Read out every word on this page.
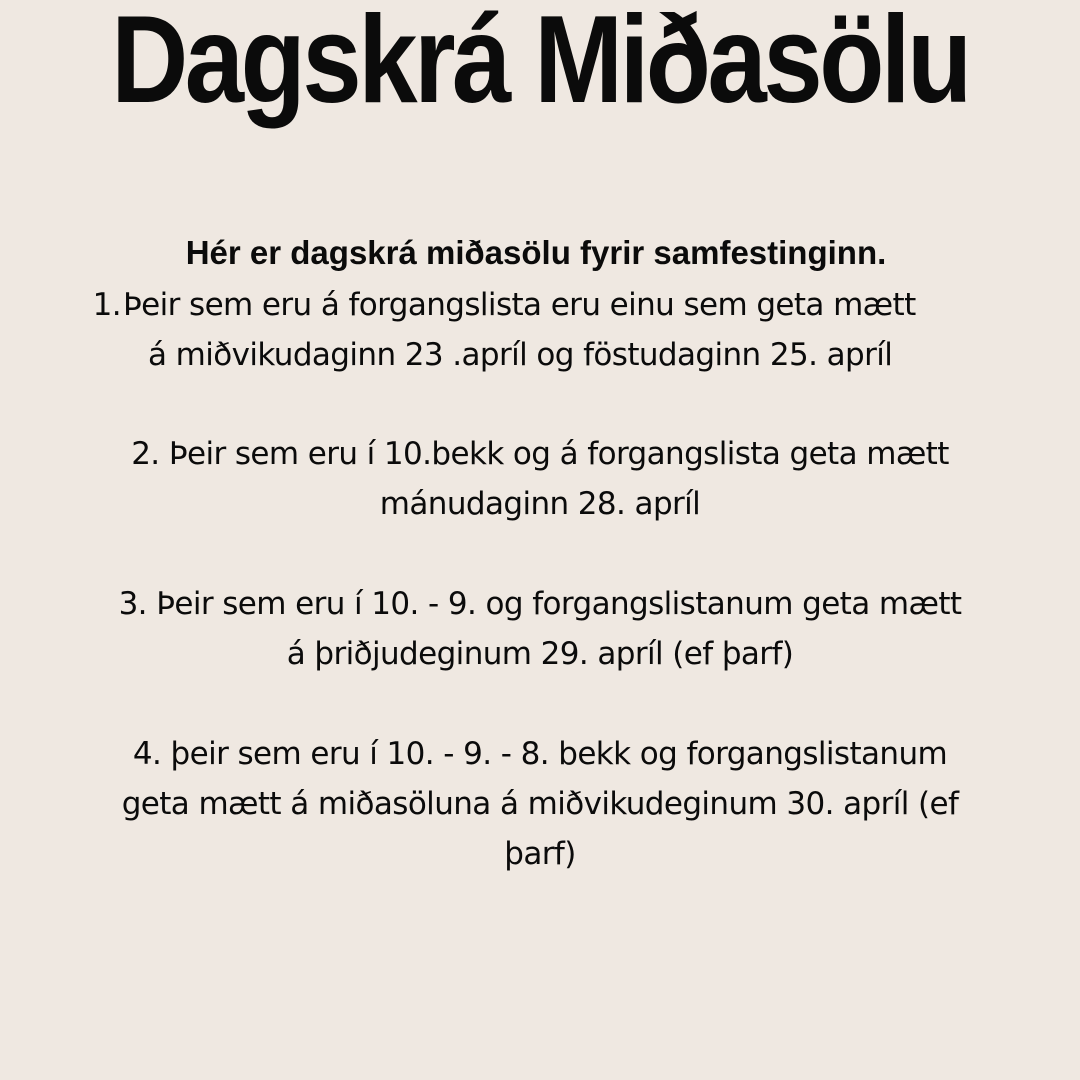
Dagskrá Miðasölu
Hér er dagskrá miðasölu fyrir samfestinginn.
1. Þeir sem eru á forgangslista eru einu sem geta mætt
á miðvikudaginn 23 .apríl og föstudaginn 25. apríl
2. Þeir sem eru í 10.bekk og á forgangslista geta mætt
mánudaginn 28. apríl
3. Þeir sem eru í 10. - 9. og forgangslistanum geta mætt
á þriðjudeginum 29. apríl (ef þarf)
4. þeir sem eru í 10. - 9. - 8. bekk og forgangslistanum
geta mætt á miðasöluna á miðvikudeginum 30. apríl (ef
þarf)
